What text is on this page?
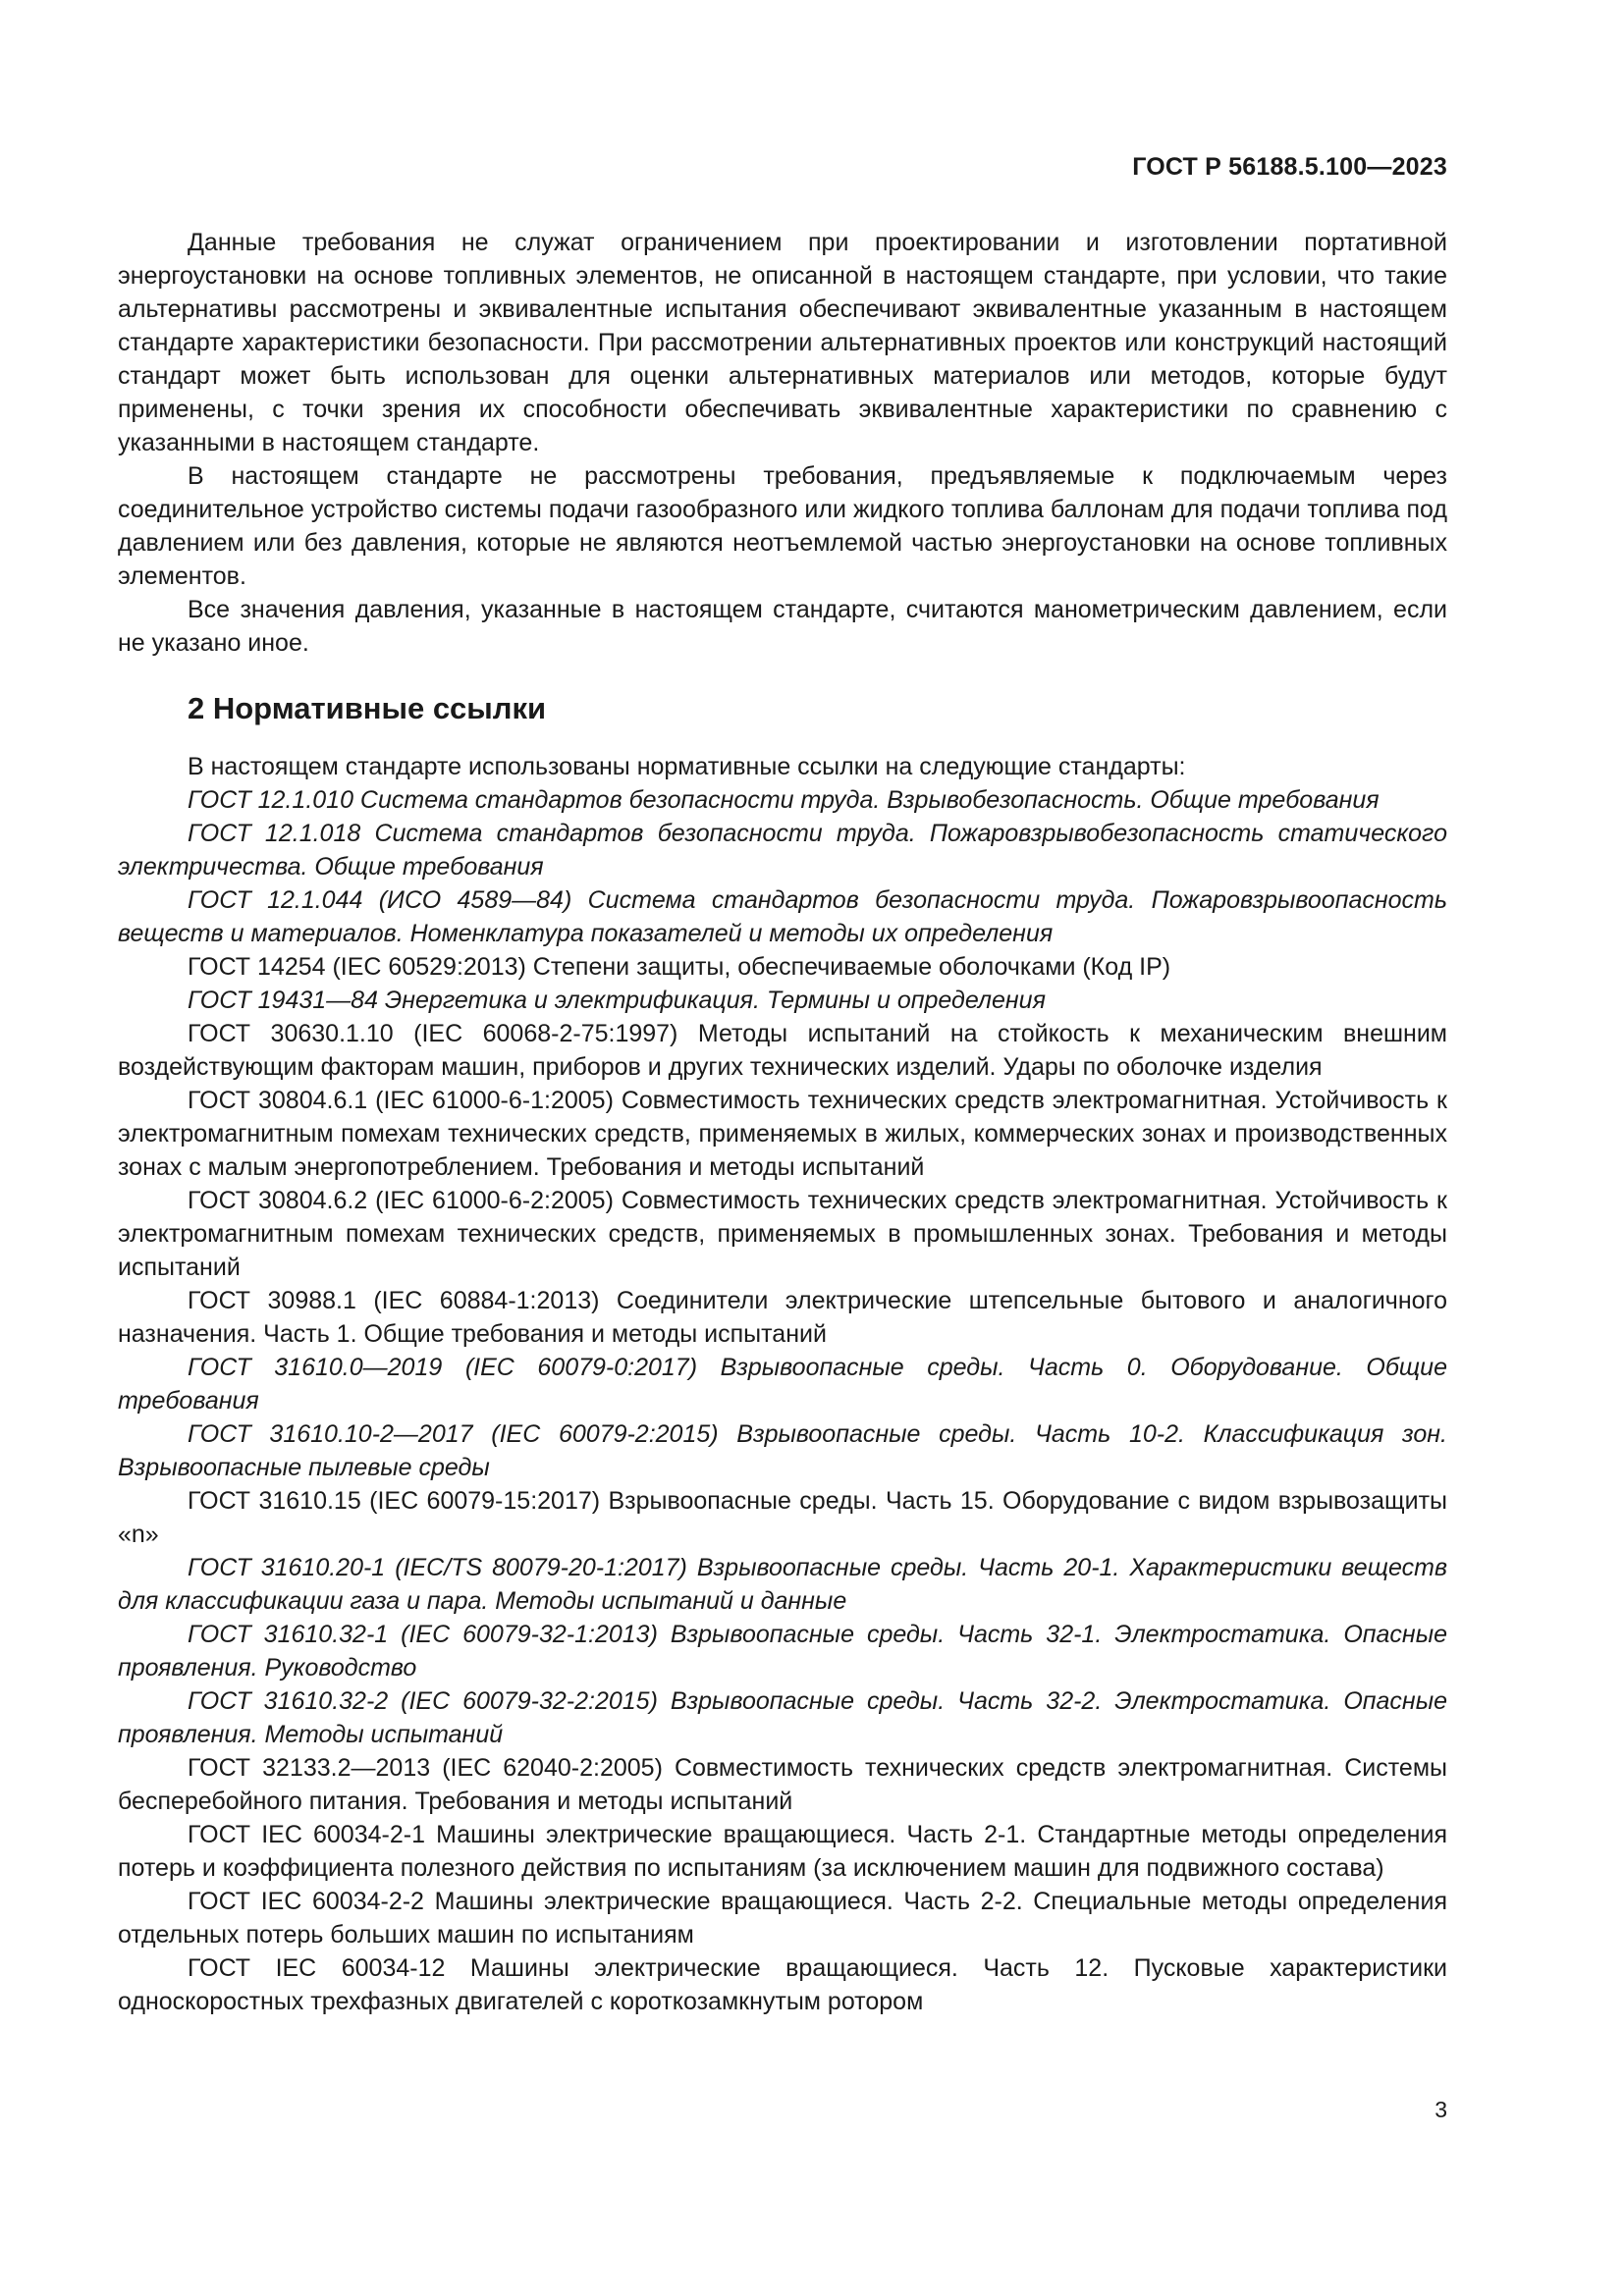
ГОСТ Р 56188.5.100—2023

Данные требования не служат ограничением при проектировании и изготовлении портативной энергоустановки на основе топливных элементов, не описанной в настоящем стандарте, при условии, что такие альтернативы рассмотрены и эквивалентные испытания обеспечивают эквивалентные указанным в настоящем стандарте характеристики безопасности. При рассмотрении альтернативных проектов или конструкций настоящий стандарт может быть использован для оценки альтернативных материалов или методов, которые будут применены, с точки зрения их способности обеспечивать эквивалентные характеристики по сравнению с указанными в настоящем стандарте.

В настоящем стандарте не рассмотрены требования, предъявляемые к подключаемым через соединительное устройство системы подачи газообразного или жидкого топлива баллонам для подачи топлива под давлением или без давления, которые не являются неотъемлемой частью энергоустановки на основе топливных элементов.

Все значения давления, указанные в настоящем стандарте, считаются манометрическим давлением, если не указано иное.

2 Нормативные ссылки

В настоящем стандарте использованы нормативные ссылки на следующие стандарты:

ГОСТ 12.1.010 Система стандартов безопасности труда. Взрывобезопасность. Общие требования

ГОСТ 12.1.018 Система стандартов безопасности труда. Пожаровзрывобезопасность статического электричества. Общие требования

ГОСТ 12.1.044 (ИСО 4589—84) Система стандартов безопасности труда. Пожаровзрывоопасность веществ и материалов. Номенклатура показателей и методы их определения

ГОСТ 14254 (IEC 60529:2013) Степени защиты, обеспечиваемые оболочками (Код IP)

ГОСТ 19431—84 Энергетика и электрификация. Термины и определения

ГОСТ 30630.1.10 (IEC 60068-2-75:1997) Методы испытаний на стойкость к механическим внешним воздействующим факторам машин, приборов и других технических изделий. Удары по оболочке изделия

ГОСТ 30804.6.1 (IEC 61000-6-1:2005) Совместимость технических средств электромагнитная. Устойчивость к электромагнитным помехам технических средств, применяемых в жилых, коммерческих зонах и производственных зонах с малым энергопотреблением. Требования и методы испытаний

ГОСТ 30804.6.2 (IEC 61000-6-2:2005) Совместимость технических средств электромагнитная. Устойчивость к электромагнитным помехам технических средств, применяемых в промышленных зонах. Требования и методы испытаний

ГОСТ 30988.1 (IEC 60884-1:2013) Соединители электрические штепсельные бытового и аналогичного назначения. Часть 1. Общие требования и методы испытаний

ГОСТ 31610.0—2019 (IEC 60079-0:2017) Взрывоопасные среды. Часть 0. Оборудование. Общие требования

ГОСТ 31610.10-2—2017 (IEC 60079-2:2015) Взрывоопасные среды. Часть 10-2. Классификация зон. Взрывоопасные пылевые среды

ГОСТ 31610.15 (IEC 60079-15:2017) Взрывоопасные среды. Часть 15. Оборудование с видом взрывозащиты «n»

ГОСТ 31610.20-1 (IEC/TS 80079-20-1:2017) Взрывоопасные среды. Часть 20-1. Характеристики веществ для классификации газа и пара. Методы испытаний и данные

ГОСТ 31610.32-1 (IEC 60079-32-1:2013) Взрывоопасные среды. Часть 32-1. Электростатика. Опасные проявления. Руководство

ГОСТ 31610.32-2 (IEC 60079-32-2:2015) Взрывоопасные среды. Часть 32-2. Электростатика. Опасные проявления. Методы испытаний

ГОСТ 32133.2—2013 (IEC 62040-2:2005) Совместимость технических средств электромагнитная. Системы бесперебойного питания. Требования и методы испытаний

ГОСТ IEC 60034-2-1 Машины электрические вращающиеся. Часть 2-1. Стандартные методы определения потерь и коэффициента полезного действия по испытаниям (за исключением машин для подвижного состава)

ГОСТ IEC 60034-2-2 Машины электрические вращающиеся. Часть 2-2. Специальные методы определения отдельных потерь больших машин по испытаниям

ГОСТ IEC 60034-12 Машины электрические вращающиеся. Часть 12. Пусковые характеристики односкоростных трехфазных двигателей с короткозамкнутым ротором

3
